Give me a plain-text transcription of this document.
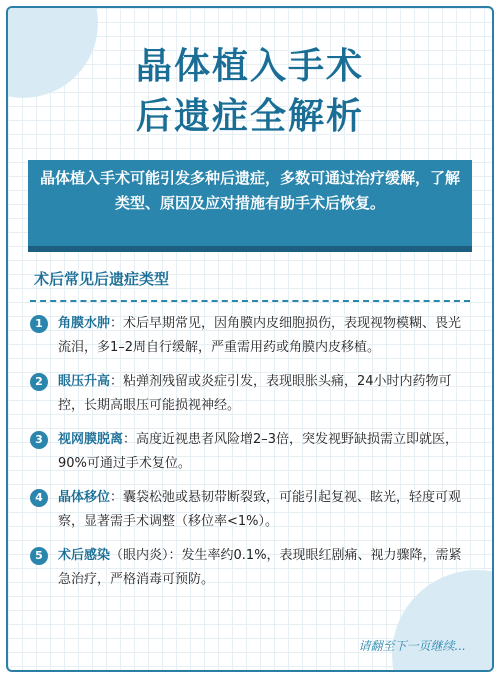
晶体植入手术
后遗症全解析
晶体植入手术可能引发多种后遗症，多数可通过治疗缓解，了解类型、原因及应对措施有助手术后恢复。
术后常见后遗症类型
1	角膜水肿：术后早期常见，因角膜内皮细胞损伤，表现视物模糊、畏光流泪，多1–2周自行缓解，严重需用药或角膜内皮移植。
2	眼压升高：粘弹剂残留或炎症引发，表现眼胀头痛，24小时内药物可控，长期高眼压可能损视神经。
3	视网膜脱离：高度近视患者风险增2–3倍，突发视野缺损需立即就医，90%可通过手术复位。
4	晶体移位：囊袋松弛或悬韧带断裂致，可能引起复视、眩光，轻度可观察，显著需手术调整（移位率<1%）。
5	术后感染（眼内炎）：发生率约0.1%，表现眼红剧痛、视力骤降，需紧急治疗，严格消毒可预防。
请翻至下一页继续...
